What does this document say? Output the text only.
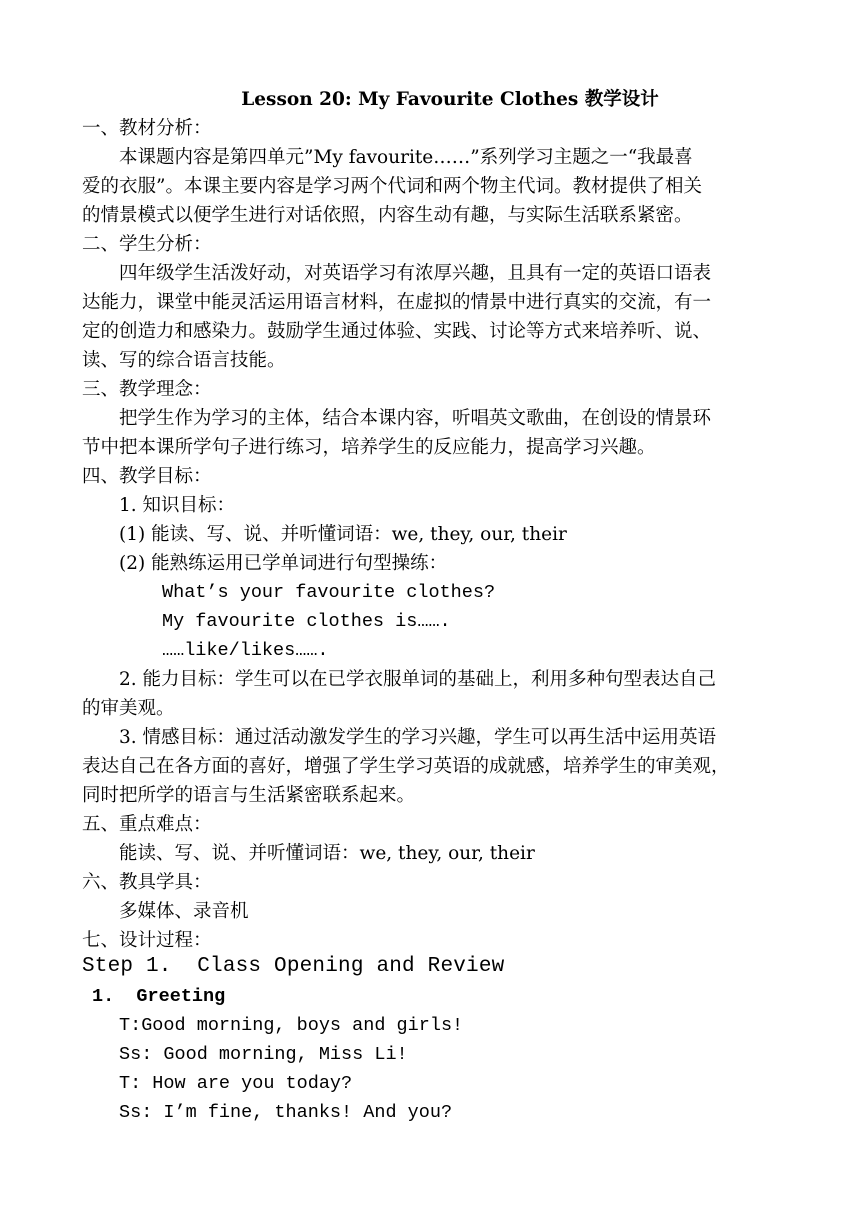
Lesson 20: My Favourite Clothes 教学设计
一、教材分析：
本课题内容是第四单元”My favourite……”系列学习主题之一“我最喜
爱的衣服”。本课主要内容是学习两个代词和两个物主代词。教材提供了相关
的情景模式以便学生进行对话依照，内容生动有趣，与实际生活联系紧密。
二、学生分析：
四年级学生活泼好动，对英语学习有浓厚兴趣，且具有一定的英语口语表
达能力，课堂中能灵活运用语言材料，在虚拟的情景中进行真实的交流，有一
定的创造力和感染力。鼓励学生通过体验、实践、讨论等方式来培养听、说、
读、写的综合语言技能。
三、教学理念：
把学生作为学习的主体，结合本课内容，听唱英文歌曲，在创设的情景环
节中把本课所学句子进行练习，培养学生的反应能力，提高学习兴趣。
四、教学目标：
1. 知识目标：
(1) 能读、写、说、并听懂词语：we, they, our, their
(2) 能熟练运用已学单词进行句型操练：
What’s your favourite clothes?
My favourite clothes is…….
……like/likes…….
2. 能力目标：学生可以在已学衣服单词的基础上，利用多种句型表达自己
的审美观。
3. 情感目标：通过活动激发学生的学习兴趣，学生可以再生活中运用英语
表达自己在各方面的喜好，增强了学生学习英语的成就感，培养学生的审美观，
同时把所学的语言与生活紧密联系起来。
五、重点难点：
能读、写、说、并听懂词语：we, they, our, their
六、教具学具：
多媒体、录音机
七、设计过程：
Step 1.  Class Opening and Review
1.  Greeting
T:Good morning, boys and girls!
Ss: Good morning, Miss Li!
T: How are you today?
Ss: I’m fine, thanks! And you?
